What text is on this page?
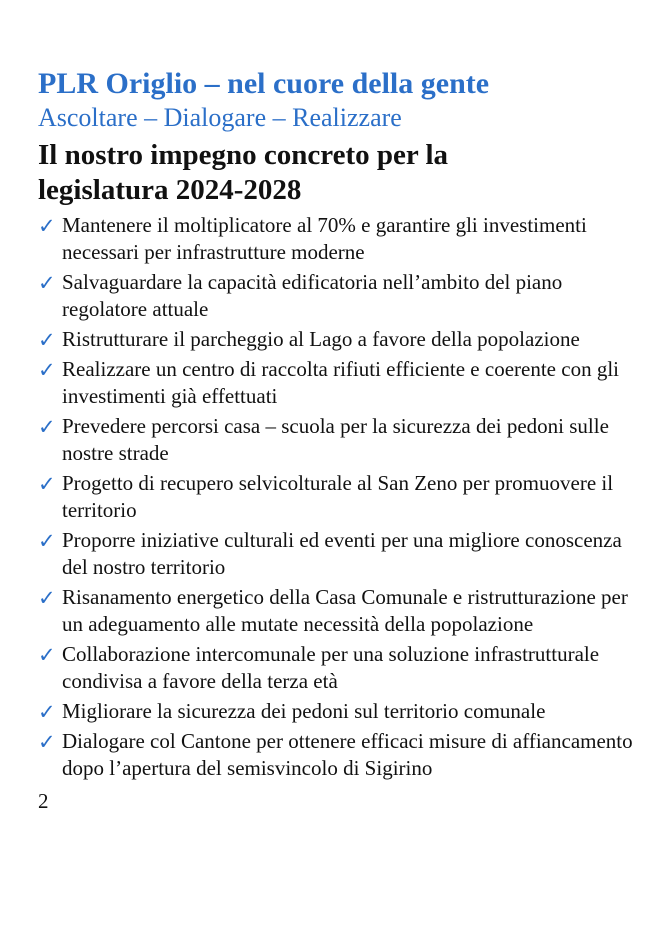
PLR Origlio – nel cuore della gente
Ascoltare – Dialogare – Realizzare
Il nostro impegno concreto per la legislatura 2024-2028
✓ Mantenere il moltiplicatore al 70% e garantire gli investimenti necessari per infrastrutture moderne
✓ Salvaguardare la capacità edificatoria nell’ambito del piano regolatore attuale
✓ Ristrutturare il parcheggio al Lago a favore della popolazione
✓ Realizzare un centro di raccolta rifiuti efficiente e coerente con gli investimenti già effettuati
✓ Prevedere percorsi casa – scuola per la sicurezza dei pedoni sulle nostre strade
✓ Progetto di recupero selvicolturale al San Zeno per promuovere il territorio
✓ Proporre iniziative culturali ed eventi per una migliore conoscenza del nostro territorio
✓ Risanamento energetico della Casa Comunale e ristrutturazione per un adeguamento alle mutate necessità della popolazione
✓ Collaborazione intercomunale per una soluzione infrastrutturale condivisa a favore della terza età
✓ Migliorare la sicurezza dei pedoni sul territorio comunale
✓ Dialogare col Cantone per ottenere efficaci misure di affiancamento dopo l’apertura del semisvincolo di Sigirino
2
